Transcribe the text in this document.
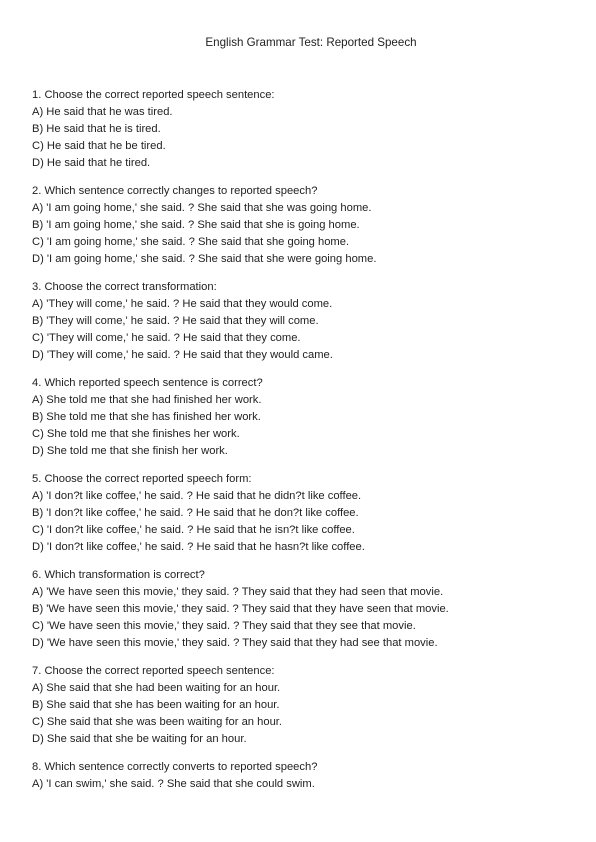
English Grammar Test: Reported Speech
1. Choose the correct reported speech sentence:
A) He said that he was tired.
B) He said that he is tired.
C) He said that he be tired.
D) He said that he tired.
2. Which sentence correctly changes to reported speech?
A) 'I am going home,' she said. ? She said that she was going home.
B) 'I am going home,' she said. ? She said that she is going home.
C) 'I am going home,' she said. ? She said that she going home.
D) 'I am going home,' she said. ? She said that she were going home.
3. Choose the correct transformation:
A) 'They will come,' he said. ? He said that they would come.
B) 'They will come,' he said. ? He said that they will come.
C) 'They will come,' he said. ? He said that they come.
D) 'They will come,' he said. ? He said that they would came.
4. Which reported speech sentence is correct?
A) She told me that she had finished her work.
B) She told me that she has finished her work.
C) She told me that she finishes her work.
D) She told me that she finish her work.
5. Choose the correct reported speech form:
A) 'I don?t like coffee,' he said. ? He said that he didn?t like coffee.
B) 'I don?t like coffee,' he said. ? He said that he don?t like coffee.
C) 'I don?t like coffee,' he said. ? He said that he isn?t like coffee.
D) 'I don?t like coffee,' he said. ? He said that he hasn?t like coffee.
6. Which transformation is correct?
A) 'We have seen this movie,' they said. ? They said that they had seen that movie.
B) 'We have seen this movie,' they said. ? They said that they have seen that movie.
C) 'We have seen this movie,' they said. ? They said that they see that movie.
D) 'We have seen this movie,' they said. ? They said that they had see that movie.
7. Choose the correct reported speech sentence:
A) She said that she had been waiting for an hour.
B) She said that she has been waiting for an hour.
C) She said that she was been waiting for an hour.
D) She said that she be waiting for an hour.
8. Which sentence correctly converts to reported speech?
A) 'I can swim,' she said. ? She said that she could swim.
